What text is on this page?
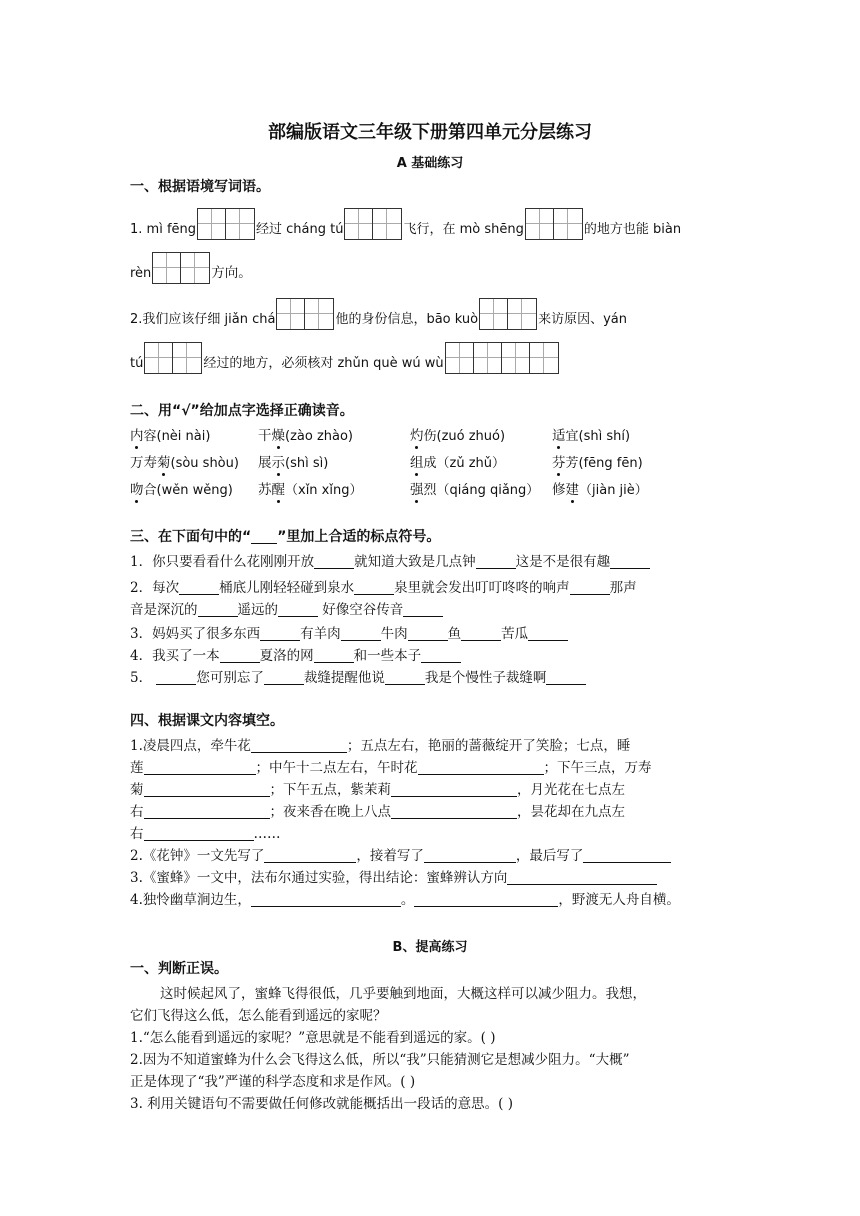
部编版语文三年级下册第四单元分层练习
A 基础练习
一、根据语境写词语。
1. mì fēng	经过 cháng tú	飞行，在 mò shēng	的地方也能 biàn
rèn	方向。
2.我们应该仔细 jiǎn chá	他的身份信息，bāo kuò	来访原因、yán
tú	经过的地方，必须核对 zhǔn què wú wù
二、用“√”给加点字选择正确读音。
内容(nèi nài)	干燥(zào zhào)	灼伤(zuó zhuó)	适宜(shì shí)
万寿菊(sòu shòu) 展示(shì sì)	组成（zǔ zhǔ）	芬芳(fēng fēn)
吻合(wěn wěng) 苏醒（xǐn xǐng）	强烈（qiáng qiǎng） 修建（jiàn jiè）
三、在下面句中的“ ”里加上合适的标点符号。
1．你只要看看什么花刚刚开放	就知道大致是几点钟	这是不是很有趣
2．每次	桶底儿刚轻轻碰到泉水	泉里就会发出叮叮咚咚的响声	那声
音是深沉的	遥远的	好像空谷传音
3．妈妈买了很多东西	有羊肉	牛肉	鱼	苦瓜
4．我买了一本	夏洛的网	和一些本子
5．	您可别忘了	裁缝提醒他说	我是个慢性子裁缝啊
四、根据课文内容填空。
1.凌晨四点，牵牛花	；五点左右，艳丽的蔷薇绽开了笑脸；七点，睡
莲	；中午十二点左右，午时花	；下午三点，万寿
菊	；下午五点，紫茉莉	，月光花在七点左
右	；夜来香在晚上八点	，昙花却在九点左
右	……
2.《花钟》一文先写了	，接着写了	，最后写了
3.《蜜蜂》一文中，法布尔通过实验，得出结论：蜜蜂辨认方向
4.独怜幽草涧边生，	。	，野渡无人舟自横。
B、提高练习
一、判断正误。
这时候起风了，蜜蜂飞得很低，几乎要触到地面，大概这样可以减少阻力。我想，
它们飞得这么低，怎么能看到遥远的家呢？
1.“怎么能看到遥远的家呢？”意思就是不能看到遥远的家。( )
2.因为不知道蜜蜂为什么会飞得这么低，所以“我”只能猜测它是想减少阻力。“大概”
正是体现了“我”严谨的科学态度和求是作风。( )
3. 利用关键语句不需要做任何修改就能概括出一段话的意思。( )
